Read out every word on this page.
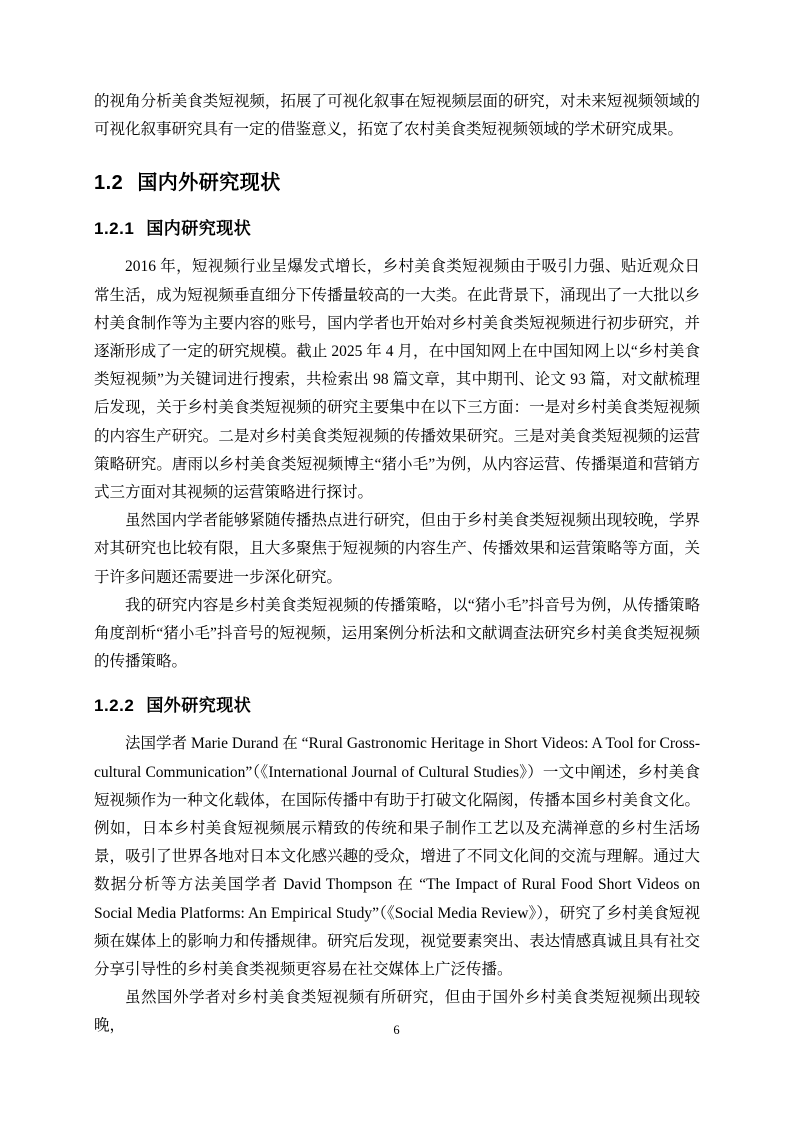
的视角分析美食类短视频，拓展了可视化叙事在短视频层面的研究，对未来短视频领域的可视化叙事研究具有一定的借鉴意义，拓宽了农村美食类短视频领域的学术研究成果。

1.2 国内外研究现状
1.2.1 国内研究现状

2016 年，短视频行业呈爆发式增长，乡村美食类短视频由于吸引力强、贴近观众日常生活，成为短视频垂直细分下传播量较高的一大类。在此背景下，涌现出了一大批以乡村美食制作等为主要内容的账号，国内学者也开始对乡村美食类短视频进行初步研究，并逐渐形成了一定的研究规模。截止 2025 年 4 月，在中国知网上在中国知网上以“乡村美食类短视频”为关键词进行搜索，共检索出 98 篇文章，其中期刊、论文 93 篇，对文献梳理后发现，关于乡村美食类短视频的研究主要集中在以下三方面：一是对乡村美食类短视频的内容生产研究。二是对乡村美食类短视频的传播效果研究。三是对美食类短视频的运营策略研究。唐雨以乡村美食类短视频博主“猪小毛”为例，从内容运营、传播渠道和营销方式三方面对其视频的运营策略进行探讨。

虽然国内学者能够紧随传播热点进行研究，但由于乡村美食类短视频出现较晚，学界对其研究也比较有限，且大多聚焦于短视频的内容生产、传播效果和运营策略等方面，关于许多问题还需要进一步深化研究。

我的研究内容是乡村美食类短视频的传播策略，以“猪小毛”抖音号为例，从传播策略角度剖析“猪小毛”抖音号的短视频，运用案例分析法和文献调查法研究乡村美食类短视频的传播策略。

1.2.2 国外研究现状

法国学者 Marie Durand 在 “Rural Gastronomic Heritage in Short Videos: A Tool for Cross-cultural Communication”（《International Journal of Cultural Studies》）一文中阐述，乡村美食短视频作为一种文化载体，在国际传播中有助于打破文化隔阂，传播本国乡村美食文化。例如，日本乡村美食短视频展示精致的传统和果子制作工艺以及充满禅意的乡村生活场景，吸引了世界各地对日本文化感兴趣的受众，增进了不同文化间的交流与理解。通过大数据分析等方法美国学者 David Thompson 在 “The Impact of Rural Food Short Videos on Social Media Platforms: An Empirical Study”（《Social Media Review》），研究了乡村美食短视频在媒体上的影响力和传播规律。研究后发现，视觉要素突出、表达情感真诚且具有社交分享引导性的乡村美食类视频更容易在社交媒体上广泛传播。

虽然国外学者对乡村美食类短视频有所研究，但由于国外乡村美食类短视频出现较晚，	6
